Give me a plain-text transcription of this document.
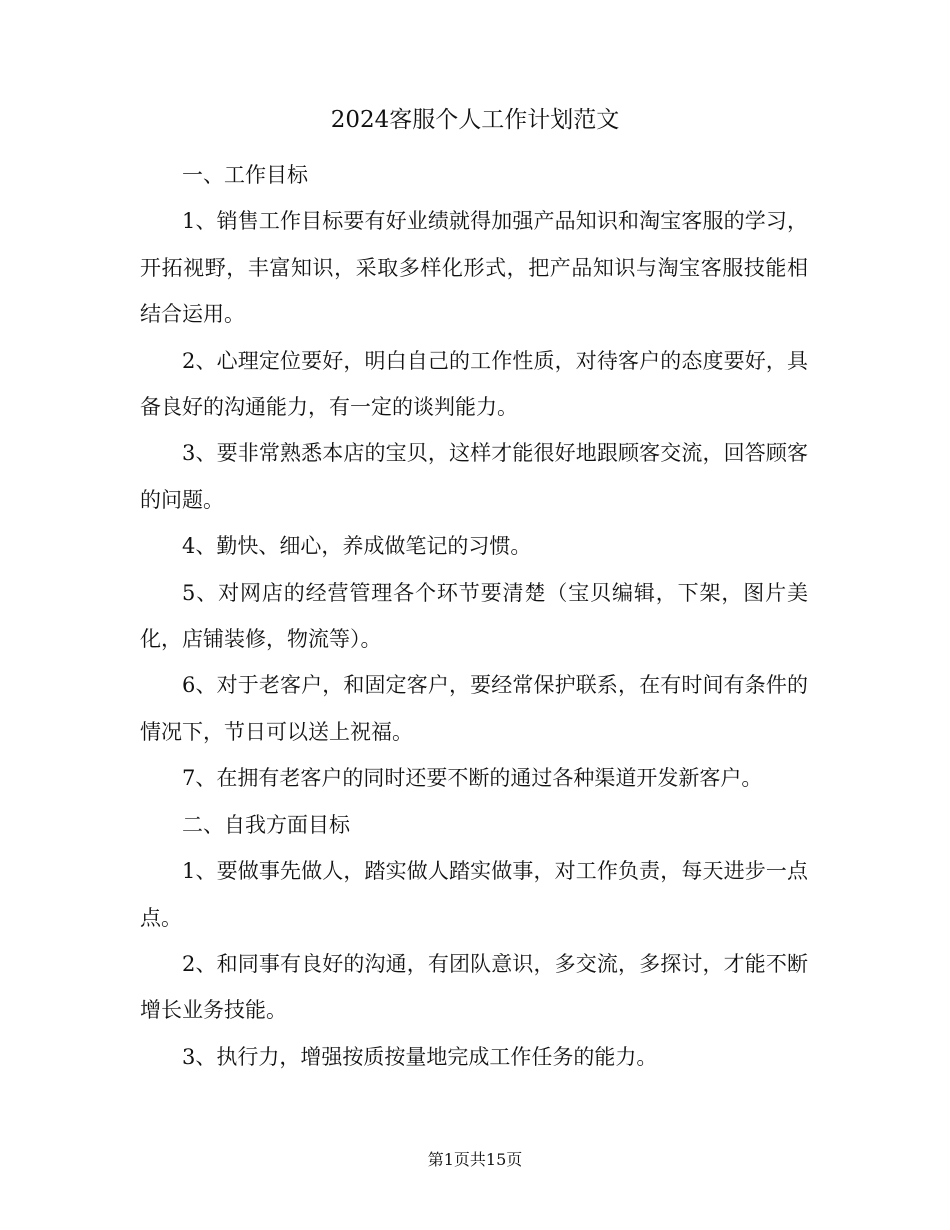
2024客服个人工作计划范文

一、工作目标

1、销售工作目标要有好业绩就得加强产品知识和淘宝客服的学习，开拓视野，丰富知识，采取多样化形式，把产品知识与淘宝客服技能相结合运用。

2、心理定位要好，明白自己的工作性质，对待客户的态度要好，具备良好的沟通能力，有一定的谈判能力。

3、要非常熟悉本店的宝贝，这样才能很好地跟顾客交流，回答顾客的问题。

4、勤快、细心，养成做笔记的习惯。

5、对网店的经营管理各个环节要清楚（宝贝编辑，下架，图片美化，店铺装修，物流等）。

6、对于老客户，和固定客户，要经常保护联系，在有时间有条件的情况下，节日可以送上祝福。

7、在拥有老客户的同时还要不断的通过各种渠道开发新客户。

二、自我方面目标

1、要做事先做人，踏实做人踏实做事，对工作负责，每天进步一点点。

2、和同事有良好的沟通，有团队意识，多交流，多探讨，才能不断增长业务技能。

3、执行力，增强按质按量地完成工作任务的能力。

第1页共15页
